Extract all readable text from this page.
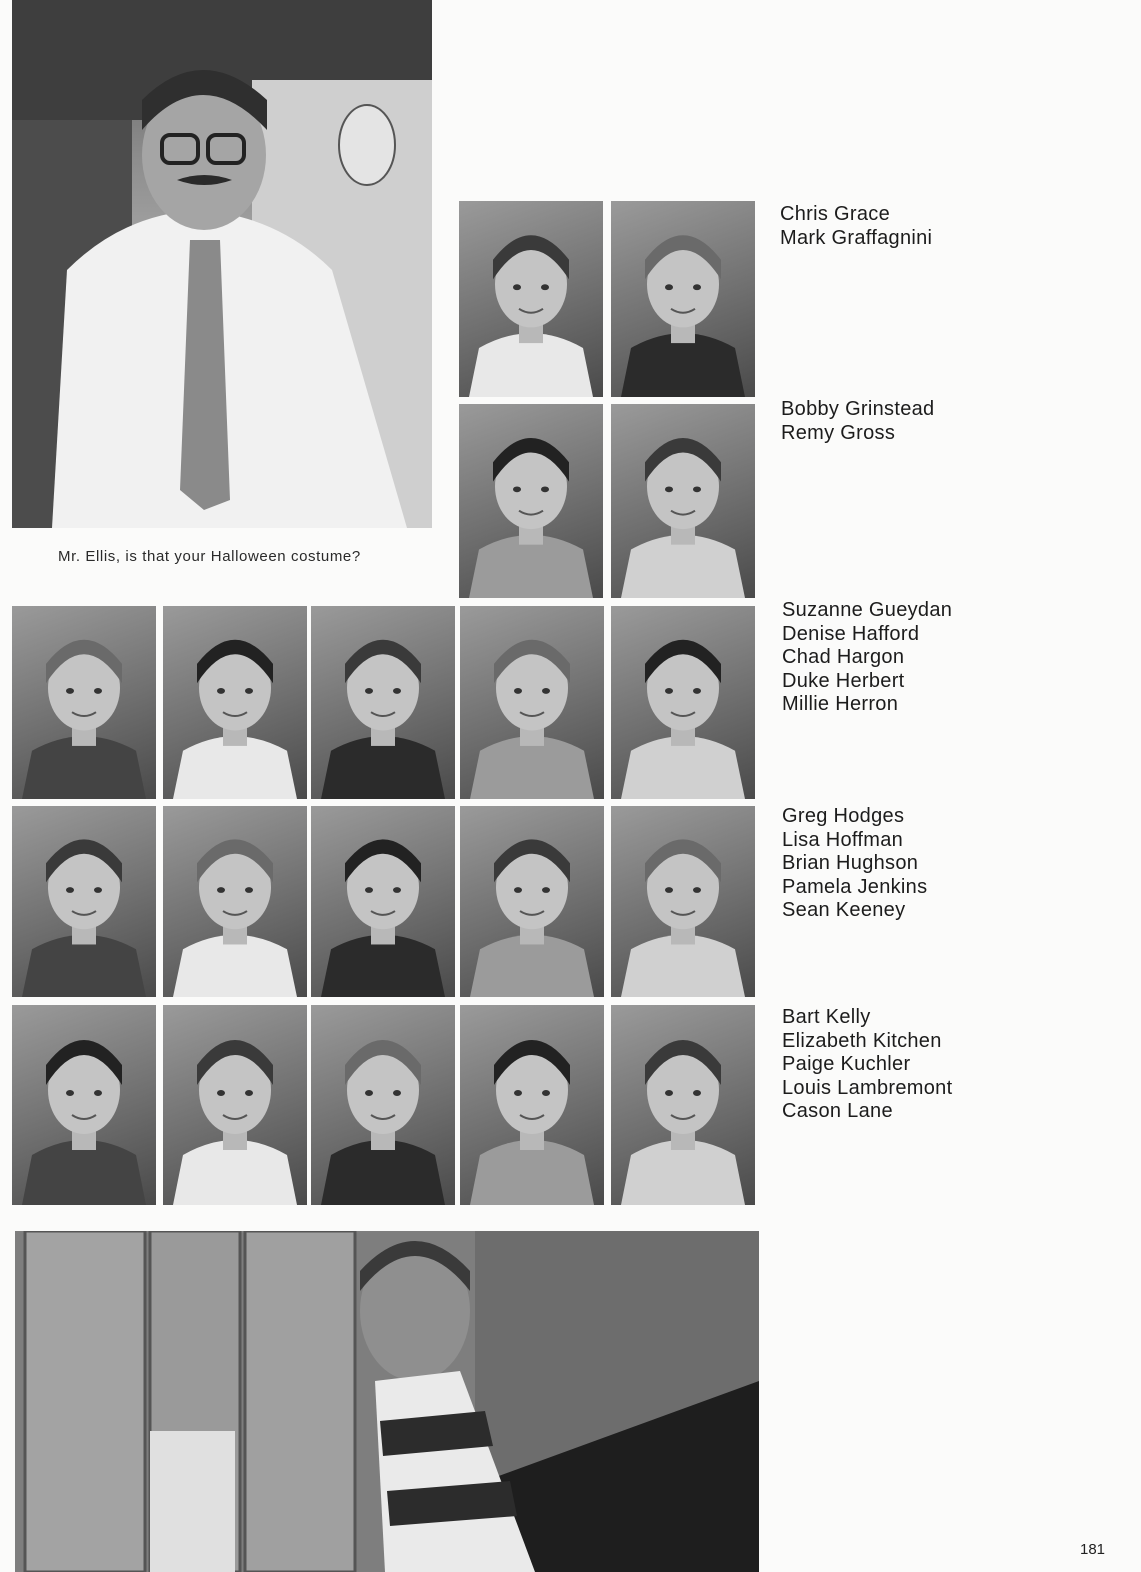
Mr. Ellis, is that your Halloween costume?
Chris Grace
Mark Graffagnini
Bobby Grinstead
Remy Gross
Suzanne Gueydan
Denise Hafford
Chad Hargon
Duke Herbert
Millie Herron
Greg Hodges
Lisa Hoffman
Brian Hughson
Pamela Jenkins
Sean Keeney
Bart Kelly
Elizabeth Kitchen
Paige Kuchler
Louis Lambremont
Cason Lane
181
